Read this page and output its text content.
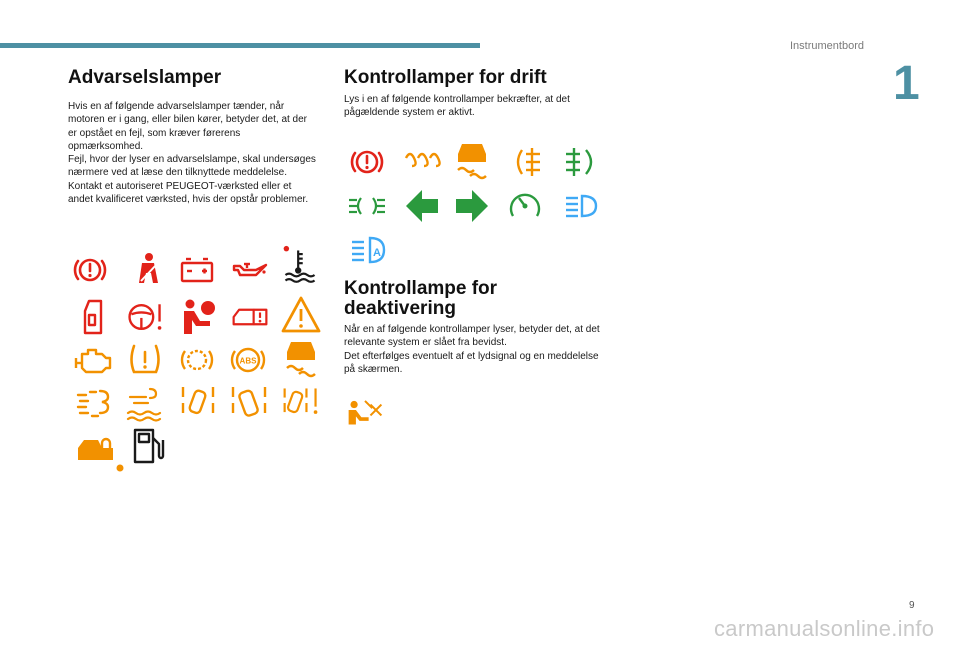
Instrumentbord
1
Advarselslamper

Hvis en af følgende advarselslamper tænder, når motoren er i gang, eller bilen kører, betyder det, at der er opstået en fejl, som kræver førerens opmærksomhed.

Fejl, hvor der lyser en advarselslampe, skal undersøges nærmere ved at læse den tilknyttede meddelelse.

Kontakt et autoriseret PEUGEOT-værksted eller et andet kvalificeret værksted, hvis der opstår problemer.

ABS
Kontrollamper for drift

Lys i en af følgende kontrollamper bekræfter, at det pågældende system er aktivt.

A
Kontrollampe for deaktivering

Når en af følgende kontrollamper lyser, betyder det, at det relevante system er slået fra bevidst.

Det efterfølges eventuelt af et lydsignal og en meddelelse på skærmen.

9
carmanualsonline.info
